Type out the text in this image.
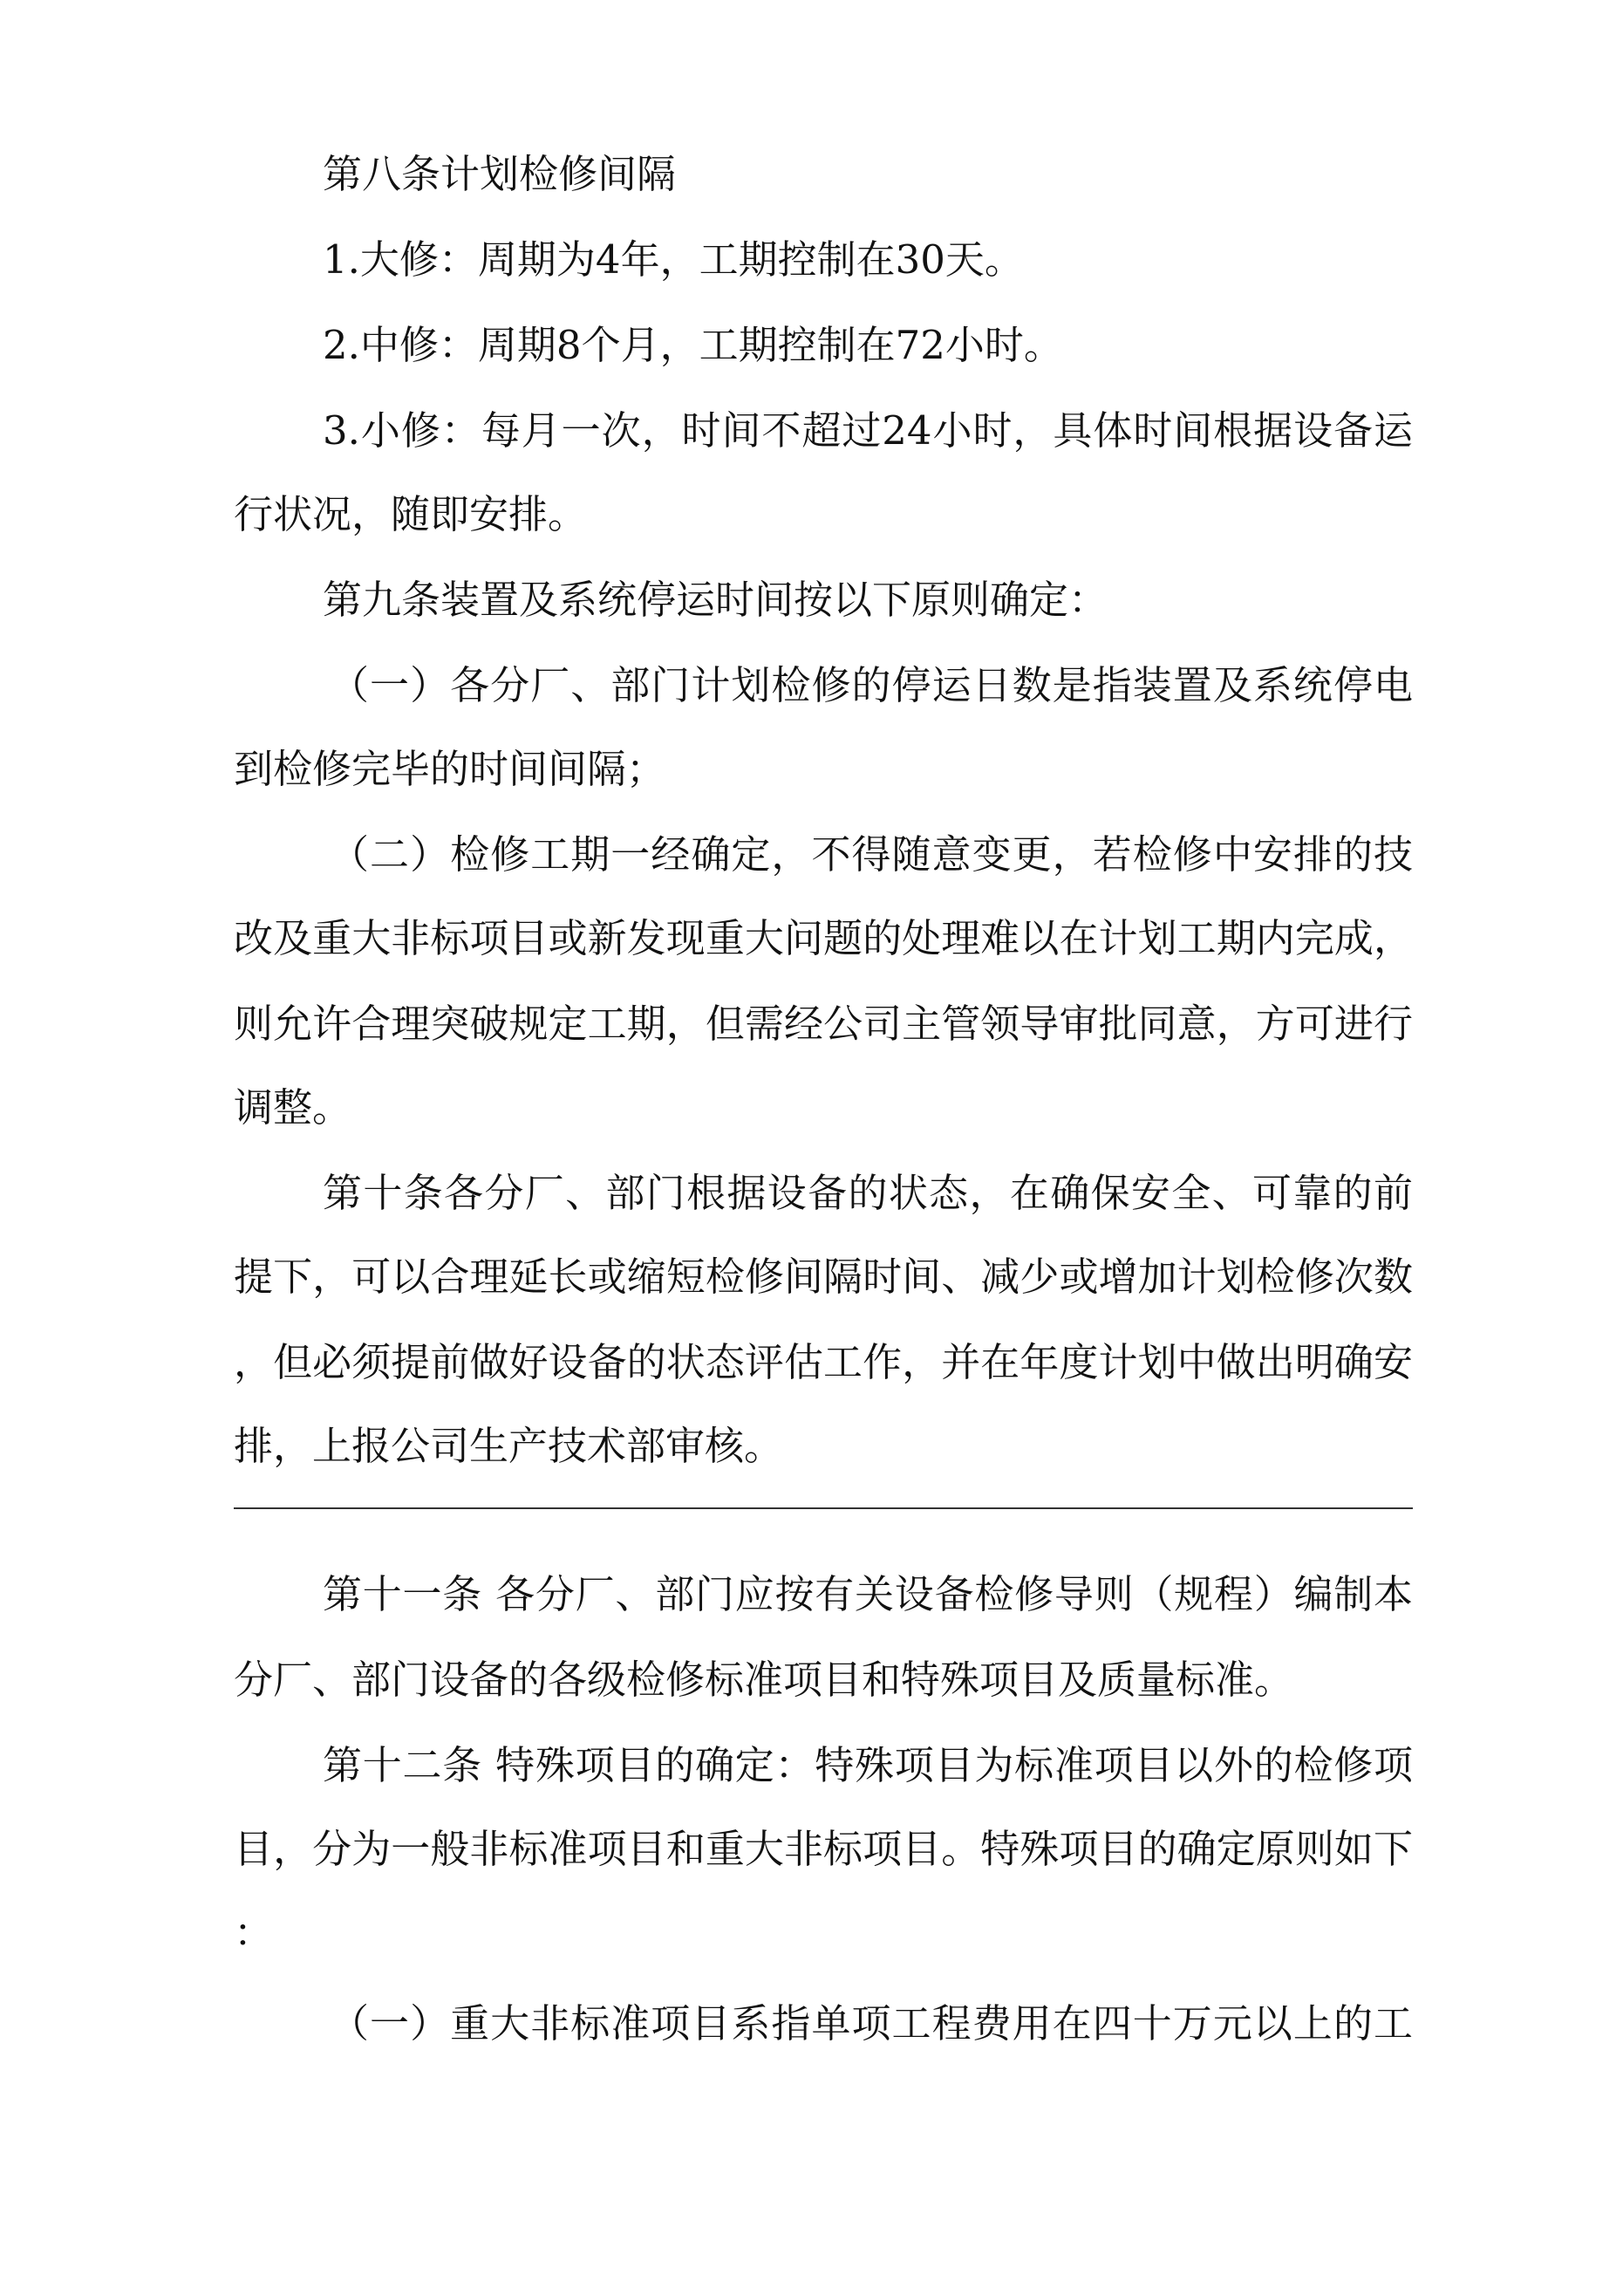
第八条计划检修间隔
1.大修：周期为4年，工期控制在30天。
2.中修：周期8个月，工期控制在72小时。
3.小修：每月一次，时间不超过24小时，具体时间根据设备运
行状况，随即安排。
第九条装置及系统停运时间按以下原则确定：
（一）各分厂、部门计划检修的停运日数是指装置及系统停电
到检修完毕的时间间隔；
（二）检修工期一经确定，不得随意变更，若检修中安排的技
改及重大非标项目或新发现重大问题的处理难以在计划工期内完成，
则允许合理突破规定工期，但需经公司主管领导审批同意，方可进行
调整。
第十条各分厂、部门根据设备的状态，在确保安全、可靠的前
提下，可以合理延长或缩短检修间隔时间、减少或增加计划检修次数
，但必须提前做好设备的状态评估工作，并在年度计划中做出明确安
排，上报公司生产技术部审核。
第十一条 各分厂、部门应按有关设备检修导则（规程）编制本
分厂、部门设备的各级检修标准项目和特殊项目及质量标准。
第十二条 特殊项目的确定：特殊项目为标准项目以外的检修项
目，分为一般非标准项目和重大非标项目。特殊项目的确定原则如下
：
（一）重大非标准项目系指单项工程费用在四十万元以上的工
